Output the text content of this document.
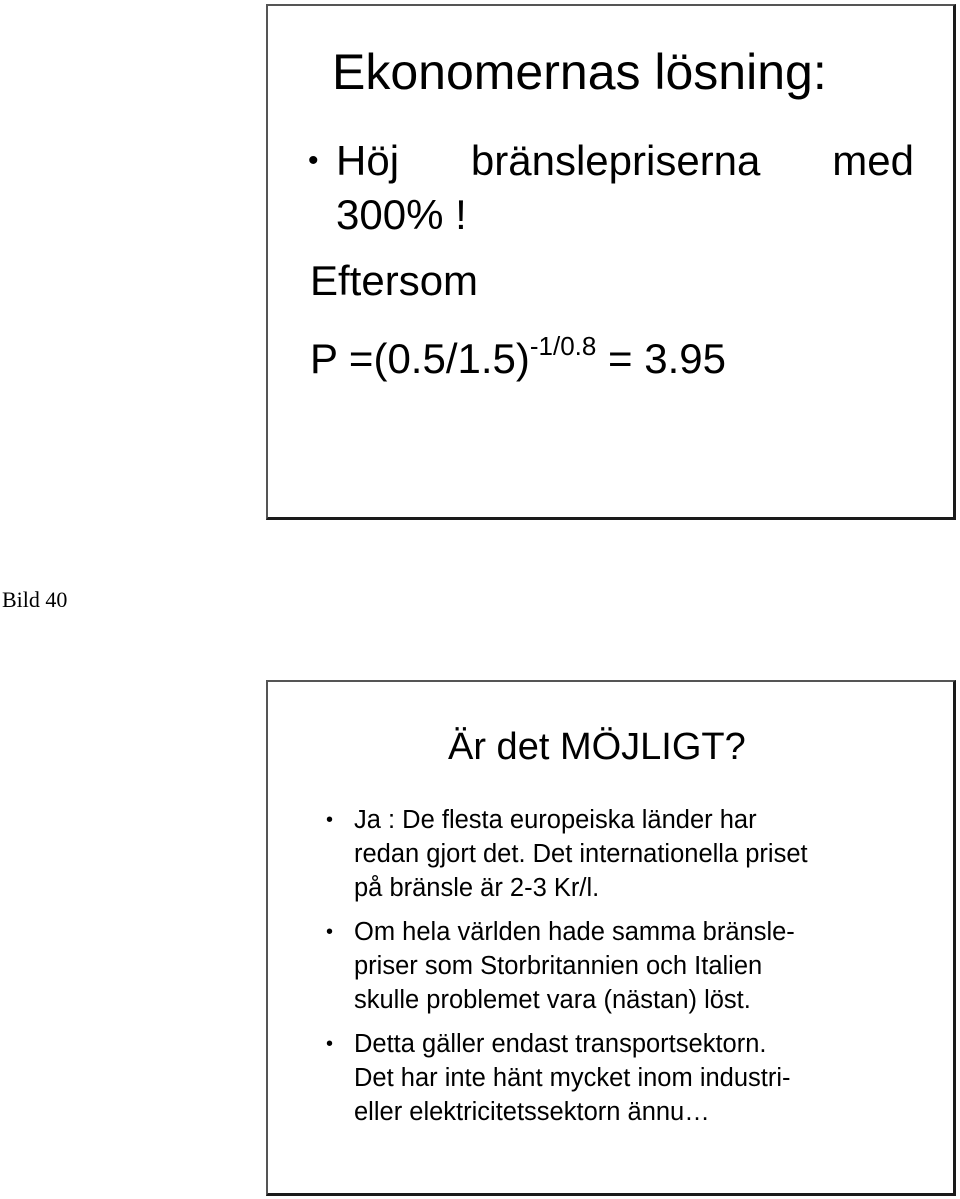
Ekonomernas lösning:
• Höj bränslepriserna med
300% !
Eftersom
$P =(0.5/1.5)^{-1/0.8} = 3.95$
Bild 40
Är det MÖJLIGT?
• Ja : De flesta europeiska länder har
redan gjort det. Det internationella priset
på bränsle är 2-3 Kr/l.
• Om hela världen hade samma bränsle-
priser som Storbritannien och Italien
skulle problemet vara (nästan) löst.
• Detta gäller endast transportsektorn.
Det har inte hänt mycket inom industri-
eller elektricitetssektorn ännu…
